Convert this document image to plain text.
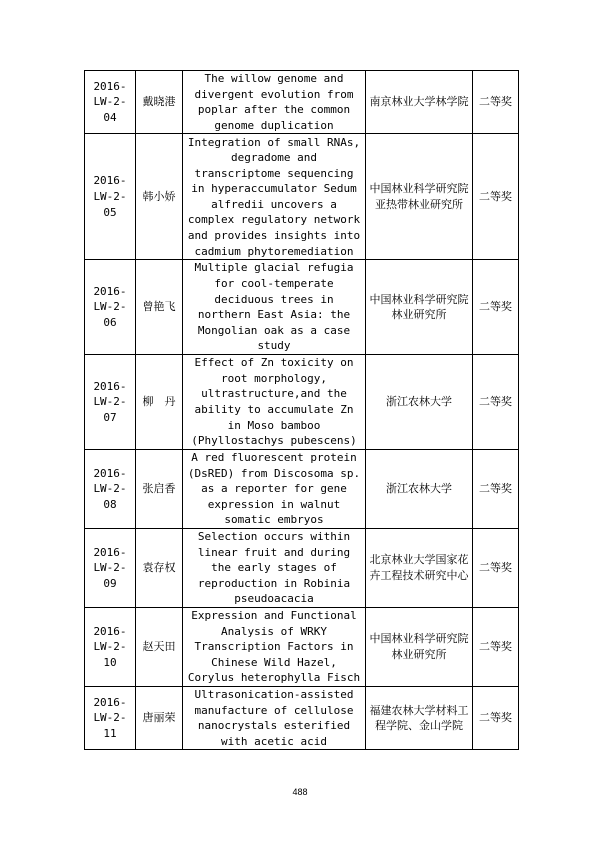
2016-LW-2-04	戴晓港	The willow genome and divergent evolution from poplar after the common genome duplication	南京林业大学林学院	二等奖
2016-LW-2-05	韩小娇	Integration of small RNAs, degradome and transcriptome sequencing in hyperaccumulator Sedum alfredii uncovers a complex regulatory network and provides insights into cadmium phytoremediation	中国林业科学研究院 亚热带林业研究所	二等奖
2016-LW-2-06	曾艳飞	Multiple glacial refugia for cool-temperate deciduous trees in northern East Asia: the Mongolian oak as a case study	中国林业科学研究院林业研究所	二等奖
2016-LW-2-07	柳　丹	Effect of Zn toxicity on root morphology, ultrastructure,and the ability to accumulate Zn in Moso bamboo (Phyllostachys pubescens)	浙江农林大学	二等奖
2016-LW-2-08	张启香	A red fluorescent protein (DsRED) from Discosoma sp. as a reporter for gene expression in walnut somatic embryos	浙江农林大学	二等奖
2016-LW-2-09	袁存权	Selection occurs within linear fruit and during the early stages of reproduction in Robinia pseudoacacia	北京林业大学国家花卉工程技术研究中心	二等奖
2016-LW-2-10	赵天田	Expression and Functional Analysis of WRKY Transcription Factors in Chinese Wild Hazel, Corylus heterophylla Fisch	中国林业科学研究院林业研究所	二等奖
2016-LW-2-11	唐丽荣	Ultrasonication-assisted manufacture of cellulose nanocrystals esterified with acetic acid	福建农林大学材料工程学院、金山学院	二等奖
488
